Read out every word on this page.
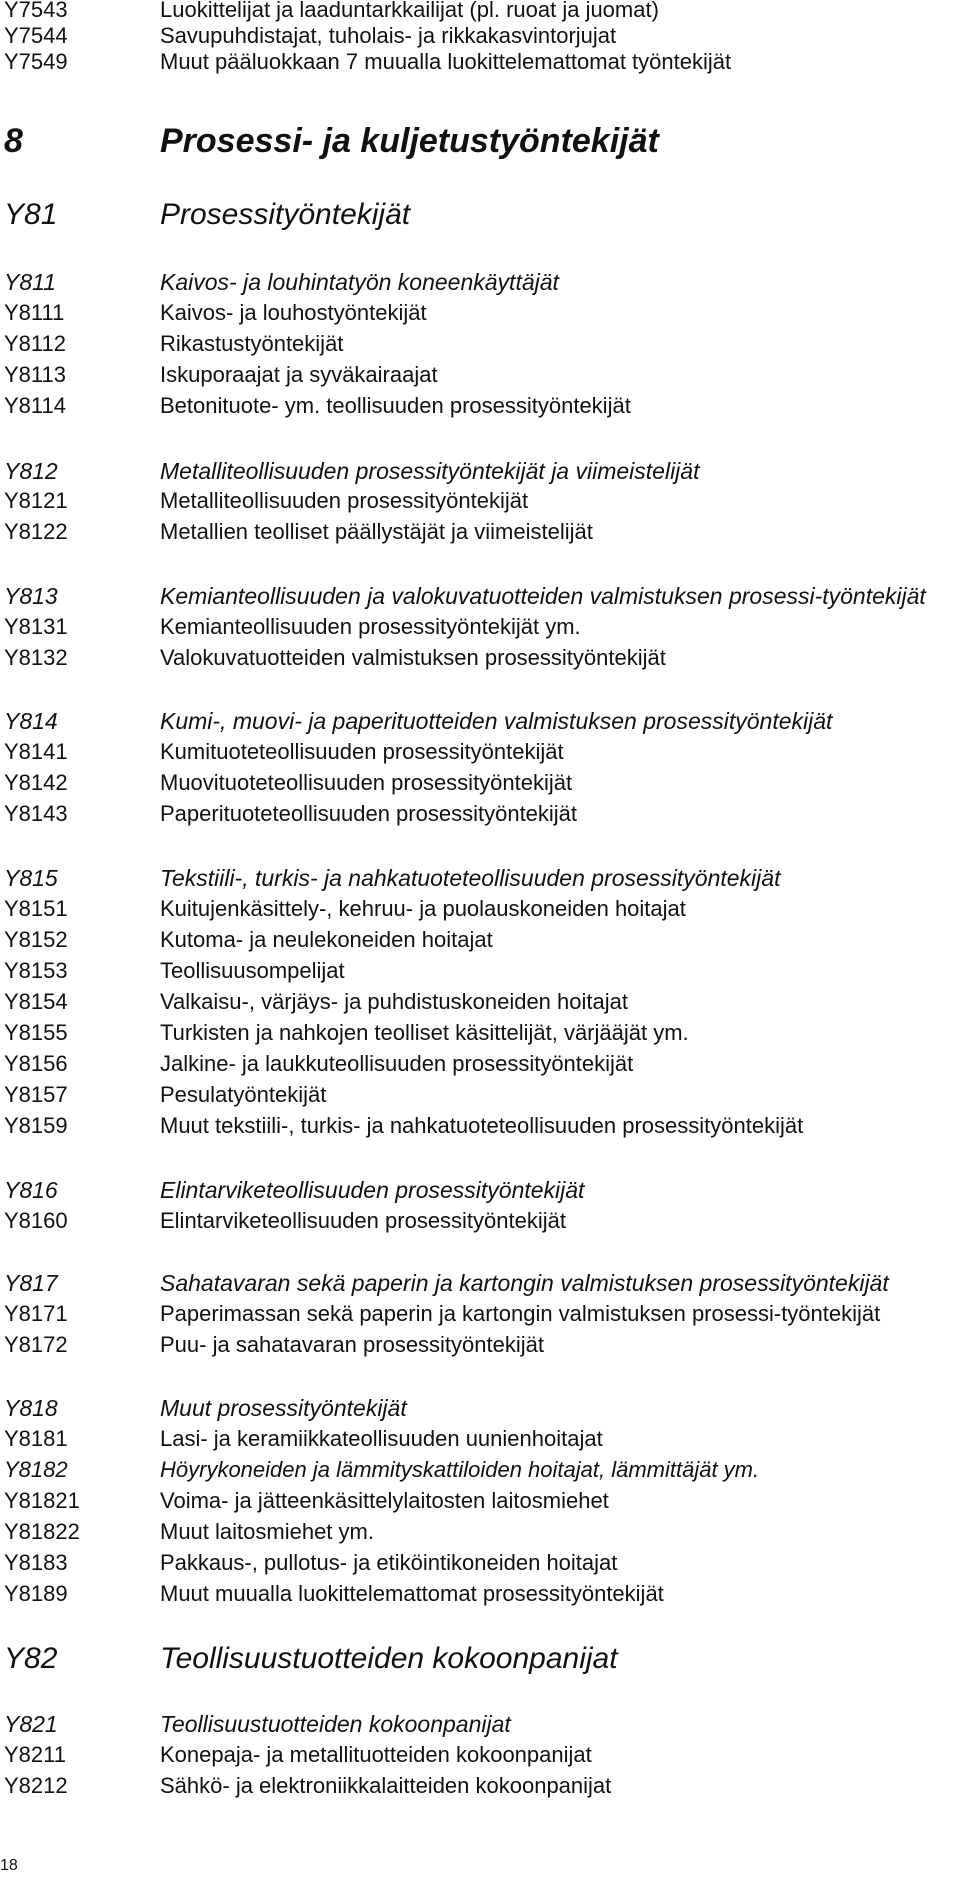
Y7543	Luokittelijat ja laaduntarkkailijat (pl. ruoat ja juomat)
Y7544	Savupuhdistajat, tuholais- ja rikkakasvintorjujat
Y7549	Muut pääluokkaan 7 muualla luokittelemattomat työntekijät
8	Prosessi- ja kuljetustyöntekijät
Y81	Prosessityöntekijät
Y811	Kaivos- ja louhintatyön koneenkäyttäjät
Y8111	Kaivos- ja louhostyöntekijät
Y8112	Rikastustyöntekijät
Y8113	Iskuporaajat ja syväkairaajat
Y8114	Betonituote- ym. teollisuuden prosessityöntekijät
Y812	Metalliteollisuuden prosessityöntekijät ja viimeistelijät
Y8121	Metalliteollisuuden prosessityöntekijät
Y8122	Metallien teolliset päällystäjät ja viimeistelijät
Y813	Kemianteollisuuden ja valokuvatuotteiden valmistuksen prosessi-työntekijät
Y8131	Kemianteollisuuden prosessityöntekijät ym.
Y8132	Valokuvatuotteiden valmistuksen prosessityöntekijät
Y814	Kumi-, muovi- ja paperituotteiden valmistuksen prosessityöntekijät
Y8141	Kumituoteteollisuuden prosessityöntekijät
Y8142	Muovituoteteollisuuden prosessityöntekijät
Y8143	Paperituoteteollisuuden prosessityöntekijät
Y815	Tekstiili-, turkis- ja nahkatuoteteollisuuden prosessityöntekijät
Y8151	Kuitujenkäsittely-, kehruu- ja puolauskoneiden hoitajat
Y8152	Kutoma- ja neulekoneiden hoitajat
Y8153	Teollisuusompelijat
Y8154	Valkaisu-, värjäys- ja puhdistuskoneiden hoitajat
Y8155	Turkisten ja nahkojen teolliset käsittelijät, värjääjät ym.
Y8156	Jalkine- ja laukkuteollisuuden prosessityöntekijät
Y8157	Pesulatyöntekijät
Y8159	Muut tekstiili-, turkis- ja nahkatuoteteollisuuden prosessityöntekijät
Y816	Elintarviketeollisuuden prosessityöntekijät
Y8160	Elintarviketeollisuuden prosessityöntekijät
Y817	Sahatavaran sekä paperin ja kartongin valmistuksen prosessityöntekijät
Y8171	Paperimassan sekä paperin ja kartongin valmistuksen prosessi-työntekijät
Y8172	Puu- ja sahatavaran prosessityöntekijät
Y818	Muut prosessityöntekijät
Y8181	Lasi- ja keramiikkateollisuuden uunienhoitajat
Y8182	Höyrykoneiden ja lämmityskattiloiden hoitajat, lämmittäjät ym.
Y81821	Voima- ja jätteenkäsittelylaitosten laitosmiehet
Y81822	Muut laitosmiehet ym.
Y8183	Pakkaus-, pullotus- ja etiköintikoneiden hoitajat
Y8189	Muut muualla luokittelemattomat prosessityöntekijät
Y82	Teollisuustuotteiden kokoonpanijat
Y821	Teollisuustuotteiden kokoonpanijat
Y8211	Konepaja- ja metallituotteiden kokoonpanijat
Y8212	Sähkö- ja elektroniikkalaitteiden kokoonpanijat
18
